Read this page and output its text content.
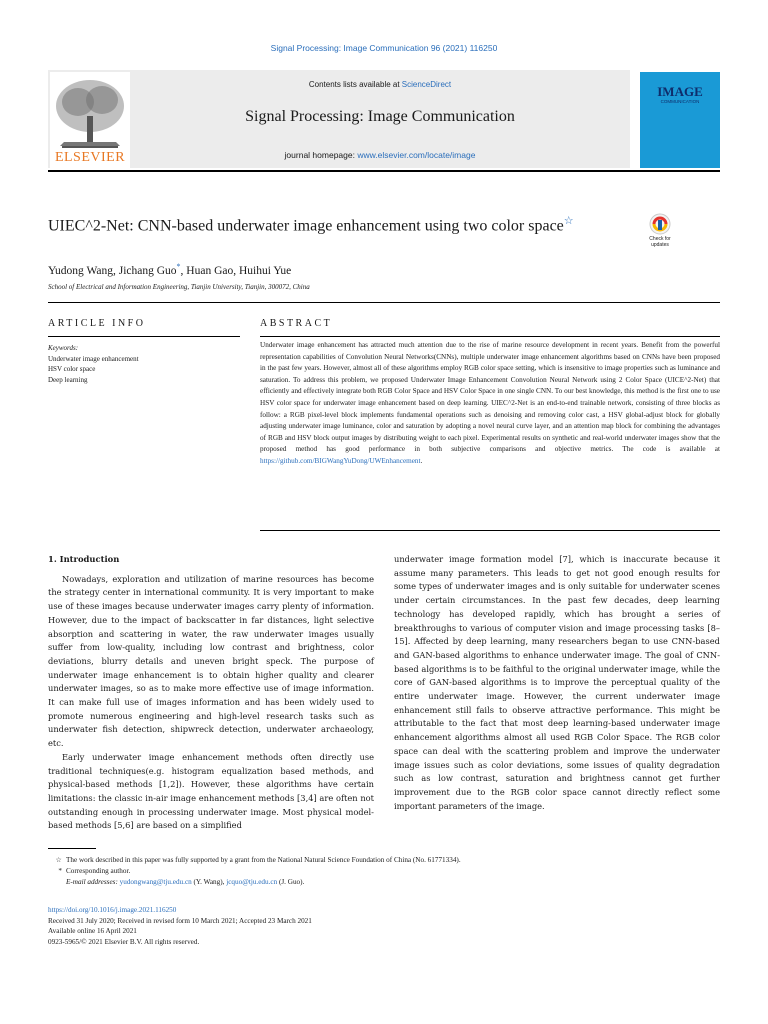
Signal Processing: Image Communication 96 (2021) 116250
ELSEVIER
Contents lists available at ScienceDirect
Signal Processing: Image Communication
journal homepage: www.elsevier.com/locate/image
IMAGE
COMMUNICATION
UIEC^2-Net: CNN-based underwater image enhancement using two color space☆
Check for updates
Yudong Wang, Jichang Guo*, Huan Gao, Huihui Yue
School of Electrical and Information Engineering, Tianjin University, Tianjin, 300072, China
ARTICLE INFO	ABSTRACT
Keywords:
Underwater image enhancement
HSV color space
Deep learning
Underwater image enhancement has attracted much attention due to the rise of marine resource development in recent years. Benefit from the powerful representation capabilities of Convolution Neural Networks(CNNs), multiple underwater image enhancement algorithms based on CNNs have been proposed in the past few years. However, almost all of these algorithms employ RGB color space setting, which is insensitive to image properties such as luminance and saturation. To address this problem, we proposed Underwater Image Enhancement Convolution Neural Network using 2 Color Space (UICE^2-Net) that efficiently and effectively integrate both RGB Color Space and HSV Color Space in one single CNN. To our best knowledge, this method is the first one to use HSV color space for underwater image enhancement based on deep learning. UIEC^2-Net is an end-to-end trainable network, consisting of three blocks as follow: a RGB pixel-level block implements fundamental operations such as denoising and removing color cast, a HSV global-adjust block for globally adjusting underwater image luminance, color and saturation by adopting a novel neural curve layer, and an attention map block for combining the advantages of RGB and HSV block output images by distributing weight to each pixel. Experimental results on synthetic and real-world underwater images show that the proposed method has good performance in both subjective comparisons and objective metrics. The code is available at https://github.com/BIGWangYuDong/UWEnhancement.
1. Introduction

Nowadays, exploration and utilization of marine resources has become the strategy center in international community. It is very important to make use of these images because underwater images carry plenty of information. However, due to the impact of backscatter in far distances, light selective absorption and scattering in water, the raw underwater images usually suffer from low-quality, including low contrast and brightness, color deviations, blurry details and uneven bright speck. The purpose of underwater image enhancement is to obtain higher quality and clearer underwater images, so as to make more effective use of image information. It can make full use of images information and has been widely used to promote numerous engineering and high-level research tasks such as underwater fish detection, shipwreck detection, underwater archaeology, etc.

Early underwater image enhancement methods often directly use traditional techniques(e.g. histogram equalization based methods, and physical-based methods [1,2]). However, these algorithms have certain limitations: the classic in-air image enhancement methods [3,4] are often not outstanding enough in processing underwater image. Most physical model-based methods [5,6] are based on a simplified

underwater image formation model [7], which is inaccurate because it assume many parameters. This leads to get not good enough results for some types of underwater images and is only suitable for underwater scenes under certain circumstances. In the past few decades, deep learning technology has developed rapidly, which has brought a series of breakthroughs to various of computer vision and image processing tasks [8–15]. Affected by deep learning, many researchers began to use CNN-based and GAN-based algorithms to enhance underwater image. The goal of CNN-based algorithms is to be faithful to the original underwater image, while the core of GAN-based algorithms is to improve the perceptual quality of the entire underwater image. However, the current underwater image enhancement still fails to observe attractive performance. This might be attributable to the fact that most deep learning-based underwater image enhancement algorithms almost all used RGB Color Space. The RGB color space can deal with the scattering problem and improve the underwater image issues such as color deviations, some issues of quality degradation such as low contrast, saturation and brightness cannot get further improvement due to the RGB color space cannot directly reflect some important parameters of the image.

☆ The work described in this paper was fully supported by a grant from the National Natural Science Foundation of China (No. 61771334).
* Corresponding author.
E-mail addresses: yudongwang@tju.edu.cn (Y. Wang), jcquo@tju.edu.cn (J. Guo).
https://doi.org/10.1016/j.image.2021.116250
Received 31 July 2020; Received in revised form 10 March 2021; Accepted 23 March 2021
Available online 16 April 2021
0923-5965/© 2021 Elsevier B.V. All rights reserved.
